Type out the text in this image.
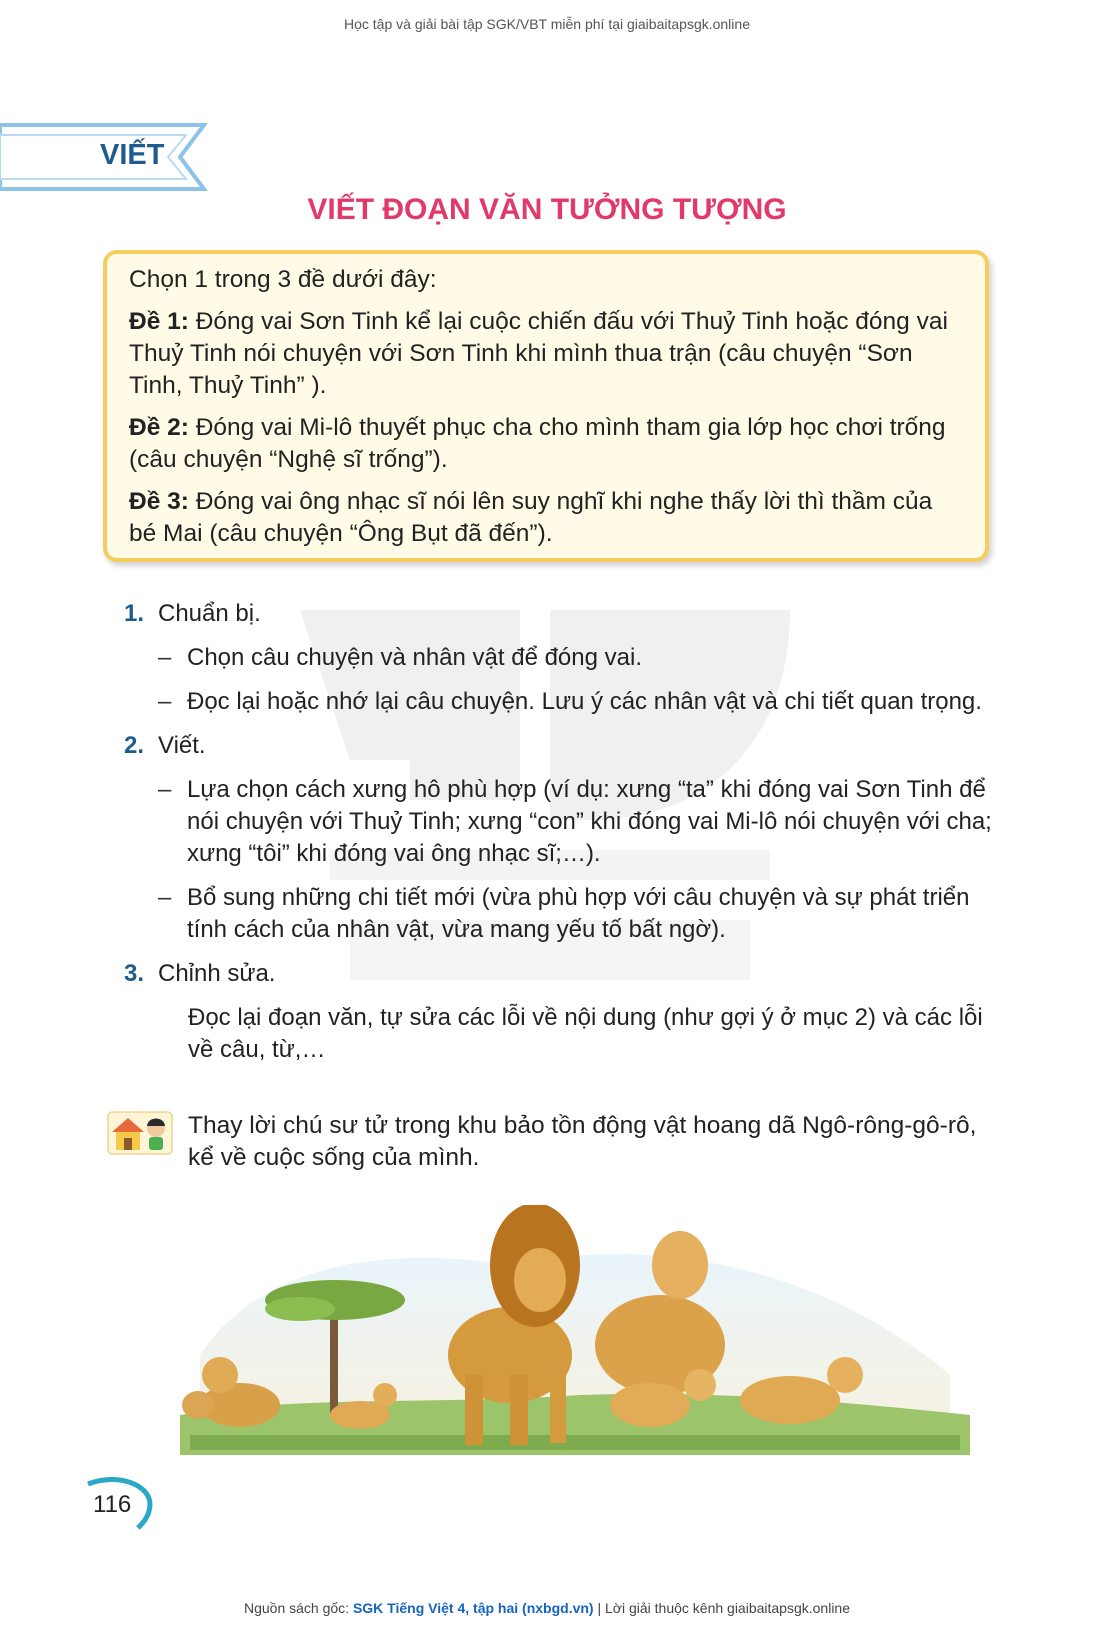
Học tập và giải bài tập SGK/VBT miễn phí tại giaibaitapsgk.online
VIẾT
VIẾT ĐOẠN VĂN TƯỞNG TƯỢNG

Chọn 1 trong 3 đề dưới đây:

Đề 1: Đóng vai Sơn Tinh kể lại cuộc chiến đấu với Thuỷ Tinh hoặc đóng vai Thuỷ Tinh nói chuyện với Sơn Tinh khi mình thua trận (câu chuyện “Sơn Tinh, Thuỷ Tinh” ).

Đề 2: Đóng vai Mi-lô thuyết phục cha cho mình tham gia lớp học chơi trống (câu chuyện “Nghệ sĩ trống”).

Đề 3: Đóng vai ông nhạc sĩ nói lên suy nghĩ khi nghe thấy lời thì thầm của bé Mai (câu chuyện “Ông Bụt đã đến”).

1. Chuẩn bị.
– Chọn câu chuyện và nhân vật để đóng vai.
– Đọc lại hoặc nhớ lại câu chuyện. Lưu ý các nhân vật và chi tiết quan trọng.
2. Viết.
– Lựa chọn cách xưng hô phù hợp (ví dụ: xưng “ta” khi đóng vai Sơn Tinh để nói chuyện với Thuỷ Tinh; xưng “con” khi đóng vai Mi-lô nói chuyện với cha; xưng “tôi” khi đóng vai ông nhạc sĩ;…).
– Bổ sung những chi tiết mới (vừa phù hợp với câu chuyện và sự phát triển tính cách của nhân vật, vừa mang yếu tố bất ngờ).
3. Chỉnh sửa.
Đọc lại đoạn văn, tự sửa các lỗi về nội dung (như gợi ý ở mục 2) và các lỗi về câu, từ,…
Thay lời chú sư tử trong khu bảo tồn động vật hoang dã Ngô-rông-gô-rô, kể về cuộc sống của mình.
116
Nguồn sách gốc: SGK Tiếng Việt 4, tập hai (nxbgd.vn) | Lời giải thuộc kênh giaibaitapsgk.online
